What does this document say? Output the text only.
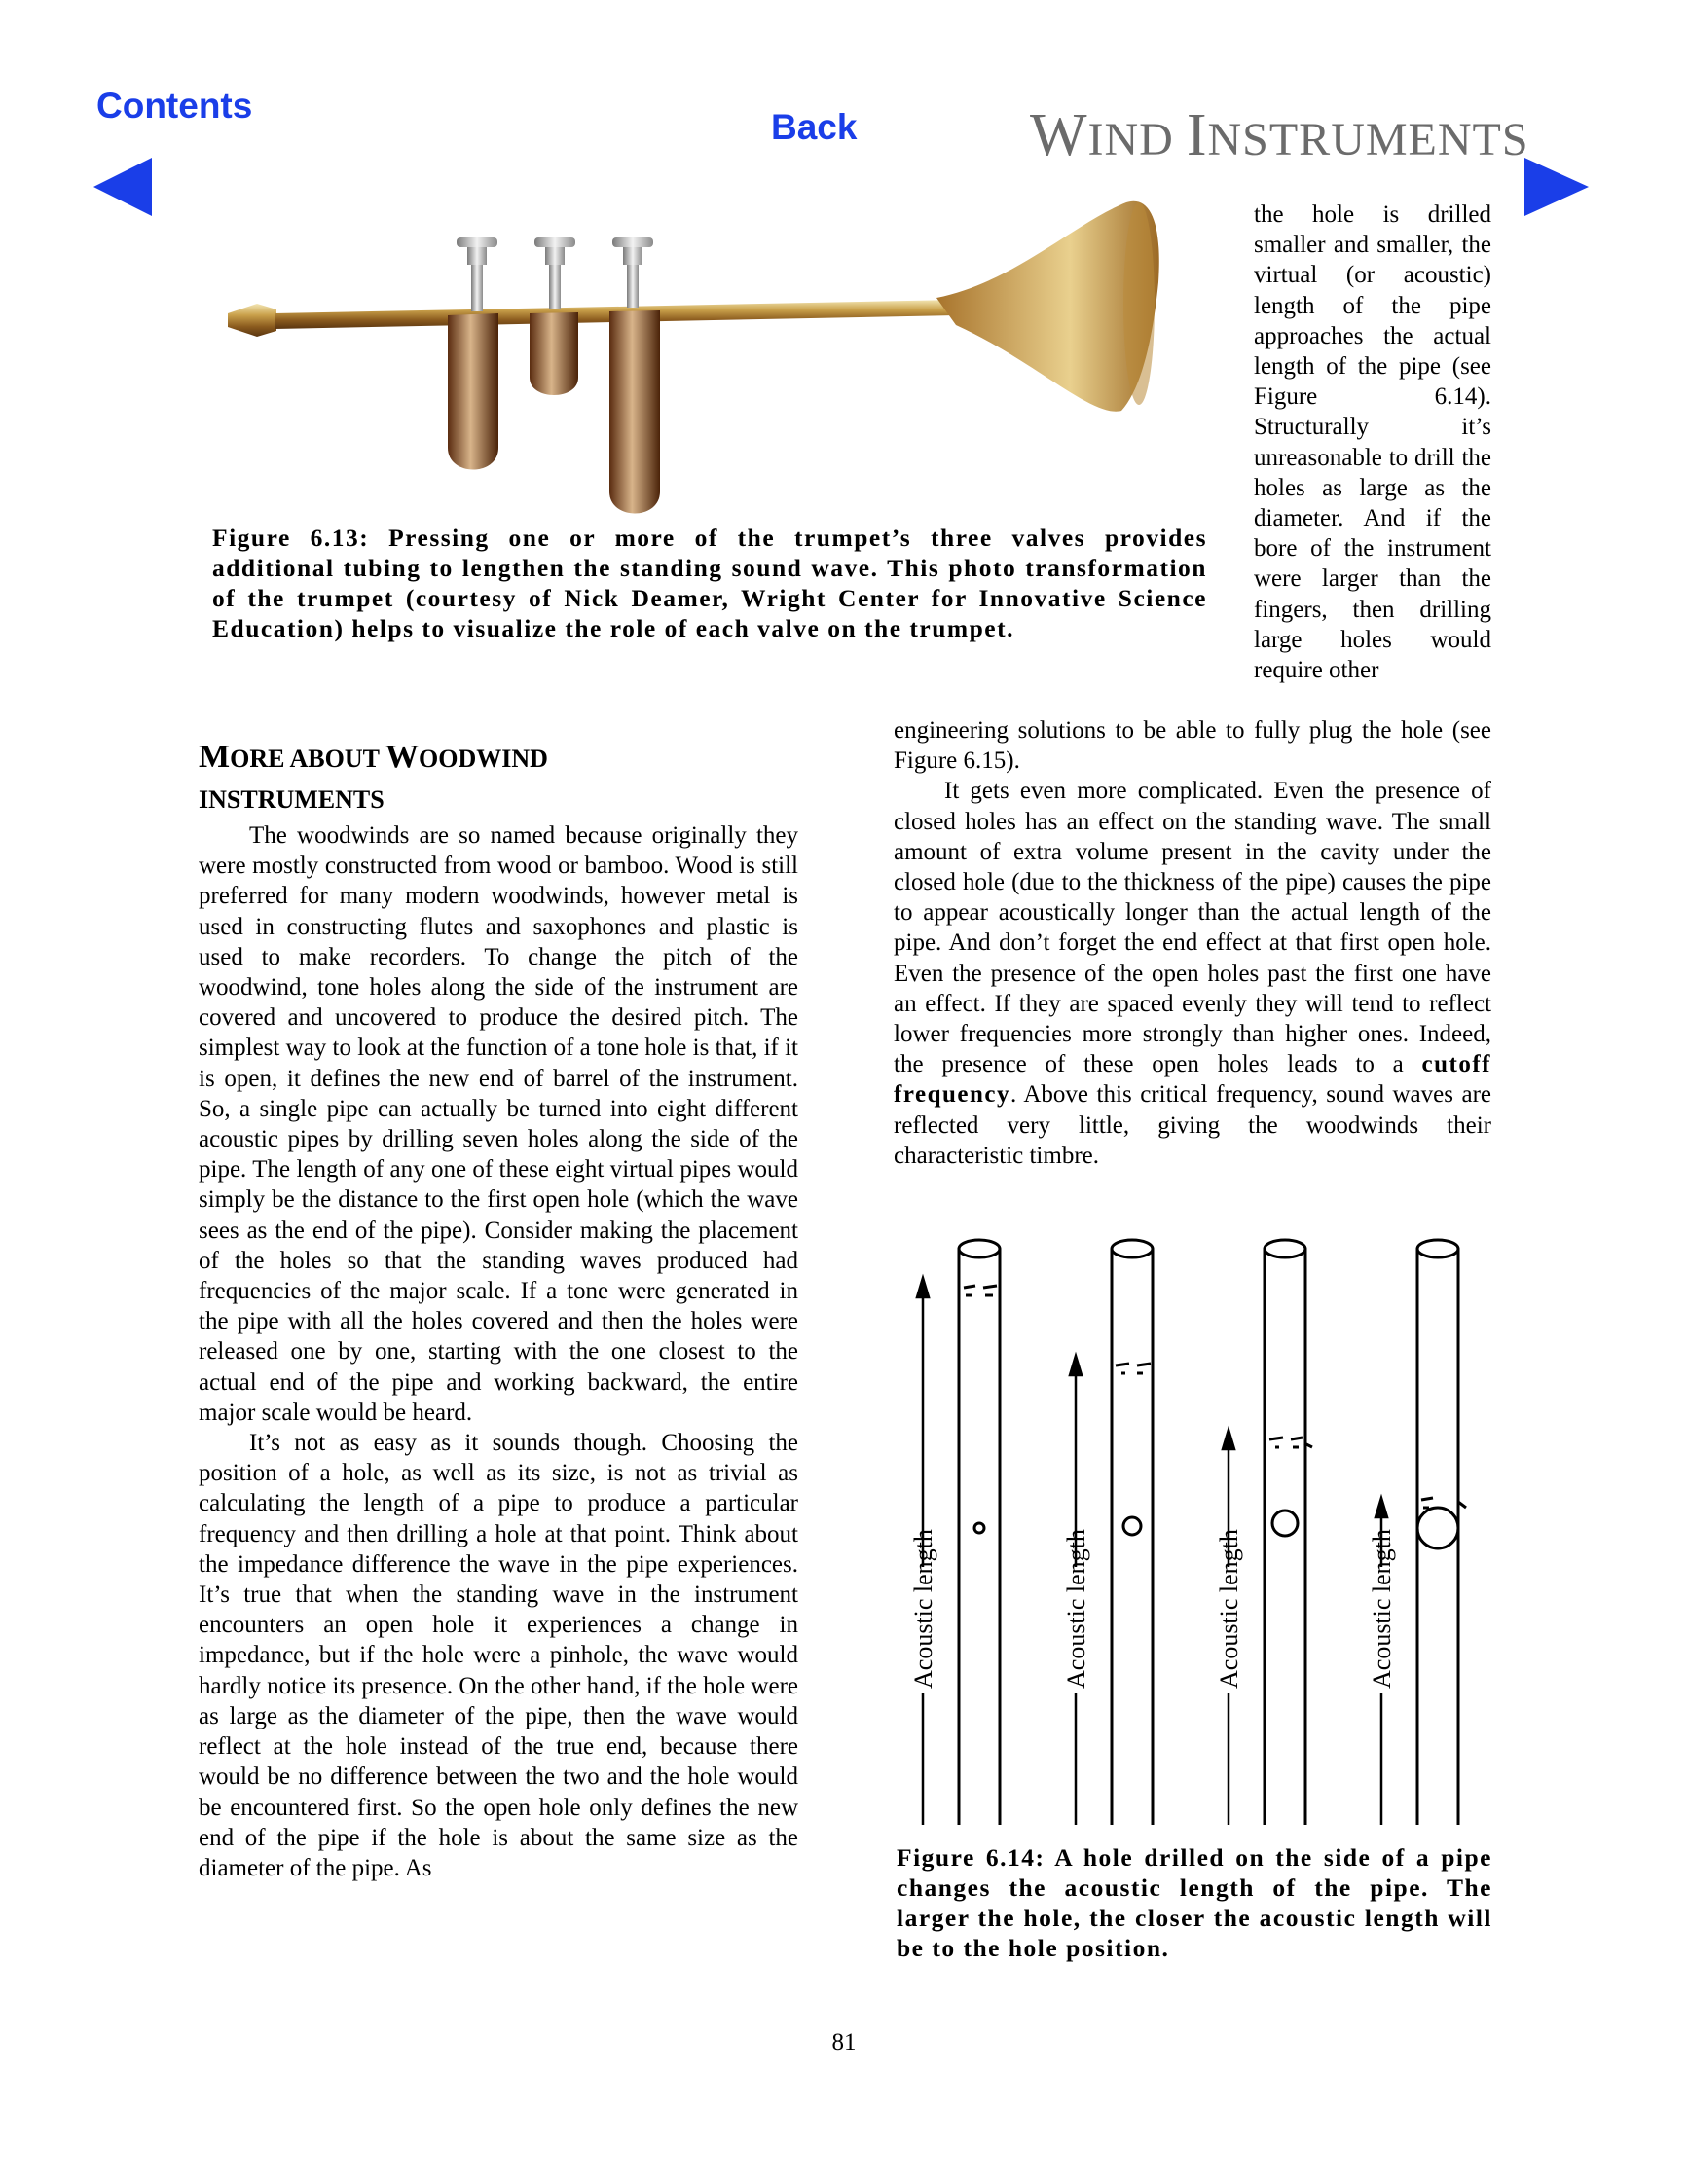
Contents
Back	WIND INSTRUMENTS
Figure 6.13: Pressing one or more of the trumpet’s three valves provides additional tubing to lengthen the standing sound wave. This photo transformation of the trumpet (courtesy of Nick Deamer, Wright Center for Innovative Science Education) helps to visualize the role of each valve on the trumpet.

the hole is drilled smaller and smaller, the virtual (or acoustic) length of the pipe approaches the actual length of the pipe (see Figure 6.14). Structurally it’s unreasonable to drill the holes as large as the diameter. And if the bore of the instrument were larger than the fingers, then drilling large holes would require other

MORE ABOUT WOODWIND
INSTRUMENTS

engineering solutions to be able to fully plug the hole (see Figure 6.15).

It gets even more complicated. Even the presence of closed holes has an effect on the standing wave. The small amount of extra volume present in the cavity under the closed hole (due to the thickness of the pipe) causes the pipe to appear acoustically longer than the actual length of the pipe. And don’t forget the end effect at that first open hole. Even the presence of the open holes past the first one have an effect. If they are spaced evenly they will tend to reflect lower frequencies more strongly than higher ones. Indeed, the presence of these open holes leads to a cutoff frequency. Above this critical frequency, sound waves are reflected very little, giving the woodwinds their characteristic timbre.

The woodwinds are so named because originally they were mostly constructed from wood or bamboo. Wood is still preferred for many modern woodwinds, however metal is used in constructing flutes and saxophones and plastic is used to make recorders. To change the pitch of the woodwind, tone holes along the side of the instrument are covered and uncovered to produce the desired pitch. The simplest way to look at the function of a tone hole is that, if it is open, it defines the new end of barrel of the instrument. So, a single pipe can actually be turned into eight different acoustic pipes by drilling seven holes along the side of the pipe. The length of any one of these eight virtual pipes would simply be the distance to the first open hole (which the wave sees as the end of the pipe). Consider making the placement of the holes so that the standing waves produced had frequencies of the major scale. If a tone were generated in the pipe with all the holes covered and then the holes were released one by one, starting with the one closest to the actual end of the pipe and working backward, the entire major scale would be heard.

It’s not as easy as it sounds though. Choosing the position of a hole, as well as its size, is not as trivial as calculating the length of a pipe to produce a particular frequency and then drilling a hole at that point. Think about the impedance difference the wave in the pipe experiences. It’s true that when the standing wave in the instrument encounters an open hole it experiences a change in impedance, but if the hole were a pinhole, the wave would hardly notice its presence. On the other hand, if the hole were as large as the diameter of the pipe, then the wave would reflect at the hole instead of the true end, because there would be no difference between the two and the hole would be encountered first. So the open hole only defines the new end of the pipe if the hole is about the same size as the diameter of the pipe. As

Acoustic length	Acoustic length	Acoustic length	Acoustic length
Figure 6.14: A hole drilled on the side of a pipe changes the acoustic length of the pipe. The larger the hole, the closer the acoustic length will be to the hole position.
81
